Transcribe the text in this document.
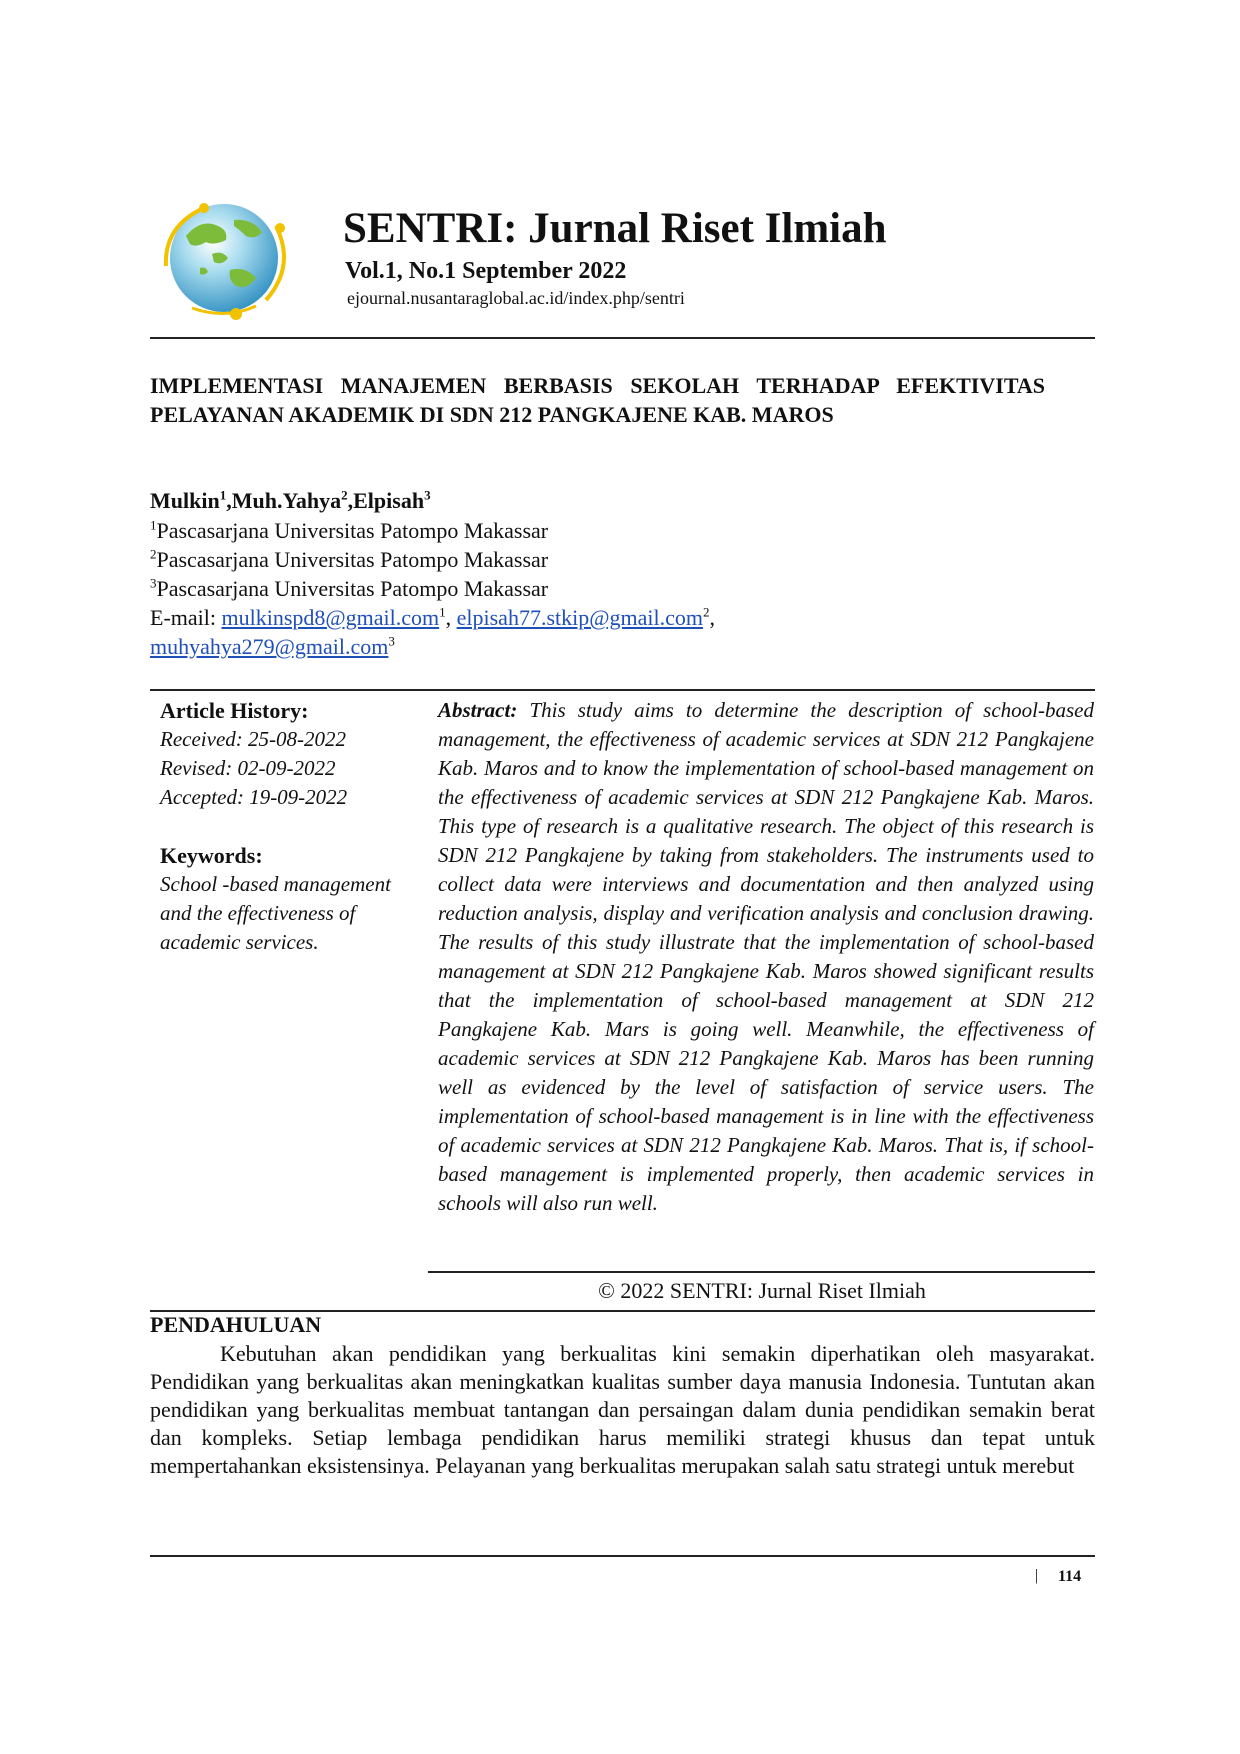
SENTRI: Jurnal Riset Ilmiah
Vol.1, No.1 September 2022
ejournal.nusantaraglobal.ac.id/index.php/sentri
IMPLEMENTASI MANAJEMEN BERBASIS SEKOLAH TERHADAP EFEKTIVITAS PELAYANAN AKADEMIK DI SDN 212 PANGKAJENE KAB. MAROS
Mulkin$^1$,Muh.Yahya$^2$,Elpisah$^3$
$^1$Pascasarjana Universitas Patompo Makassar
$^2$Pascasarjana Universitas Patompo Makassar
$^3$Pascasarjana Universitas Patompo Makassar
E-mail: mulkinspd8@gmail.com$^1$, elpisah77.stkip@gmail.com$^2$,
muhyahya279@gmail.com$^3$
Article History:
Received: 25-08-2022
Revised: 02-09-2022
Accepted: 19-09-2022
Keywords:
School -based management and the effectiveness of academic services.
Abstract: This study aims to determine the description of school-based management, the effectiveness of academic services at SDN 212 Pangkajene Kab. Maros and to know the implementation of school-based management on the effectiveness of academic services at SDN 212 Pangkajene Kab. Maros. This type of research is a qualitative research. The object of this research is SDN 212 Pangkajene by taking from stakeholders. The instruments used to collect data were interviews and documentation and then analyzed using reduction analysis, display and verification analysis and conclusion drawing. The results of this study illustrate that the implementation of school-based management at SDN 212 Pangkajene Kab. Maros showed significant results that the implementation of school-based management at SDN 212 Pangkajene Kab. Mars is going well. Meanwhile, the effectiveness of academic services at SDN 212 Pangkajene Kab. Maros has been running well as evidenced by the level of satisfaction of service users. The implementation of school-based management is in line with the effectiveness of academic services at SDN 212 Pangkajene Kab. Maros. That is, if school-based management is implemented properly, then academic services in schools will also run well.
© 2022 SENTRI: Jurnal Riset Ilmiah
PENDAHULUAN

Kebutuhan akan pendidikan yang berkualitas kini semakin diperhatikan oleh masyarakat. Pendidikan yang berkualitas akan meningkatkan kualitas sumber daya manusia Indonesia. Tuntutan akan pendidikan yang berkualitas membuat tantangan dan persaingan dalam dunia pendidikan semakin berat dan kompleks. Setiap lembaga pendidikan harus memiliki strategi khusus dan tepat untuk mempertahankan eksistensinya. Pelayanan yang berkualitas merupakan salah satu strategi untuk merebut

| 114
